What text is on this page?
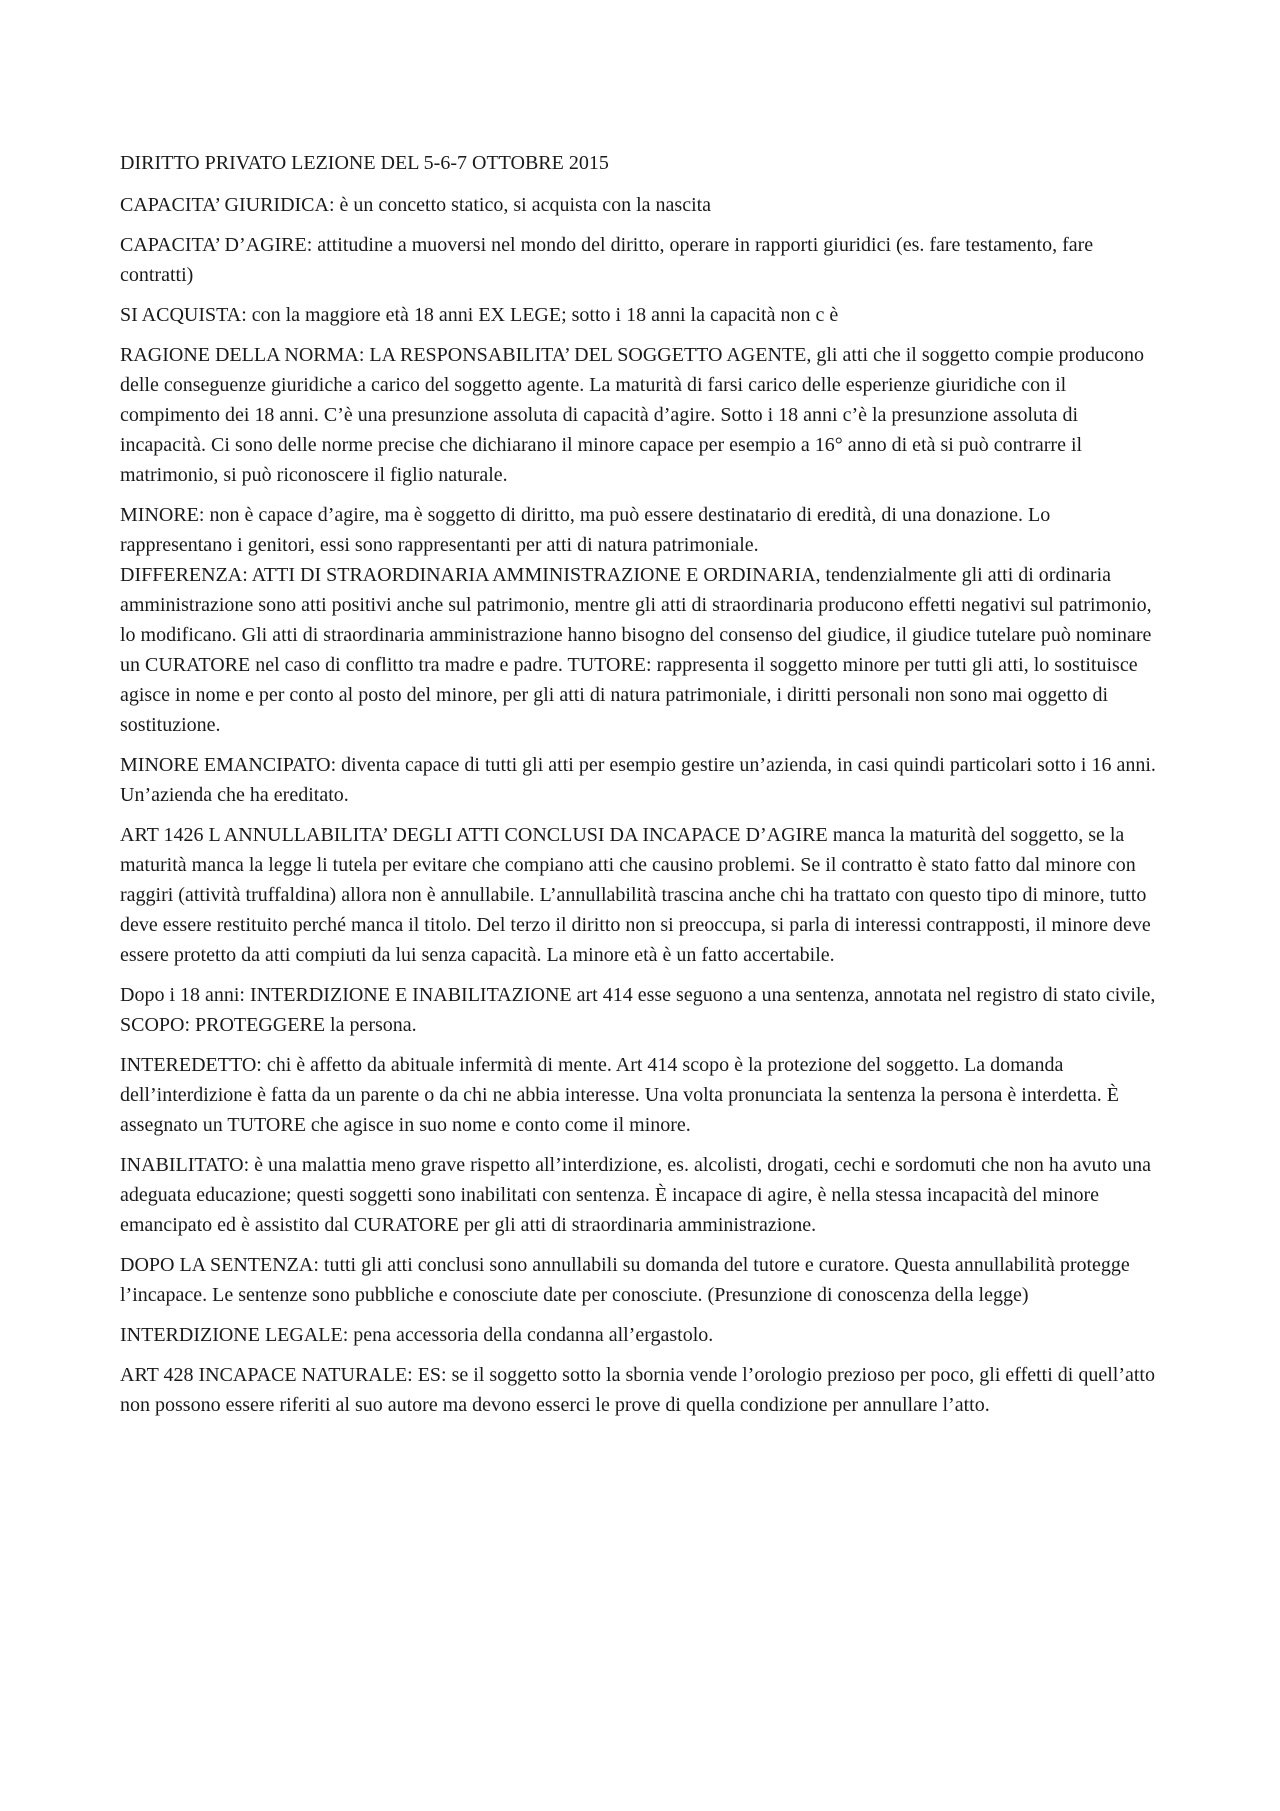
DIRITTO PRIVATO LEZIONE DEL 5-6-7 OTTOBRE 2015

CAPACITA’ GIURIDICA: è un concetto statico, si acquista con la nascita

CAPACITA’ D’AGIRE: attitudine a muoversi nel mondo del diritto, operare in rapporti giuridici (es. fare testamento, fare contratti)

SI ACQUISTA: con la maggiore età 18 anni EX LEGE; sotto i 18 anni la capacità non c è

RAGIONE DELLA NORMA: LA RESPONSABILITA’ DEL SOGGETTO AGENTE, gli atti che il soggetto compie producono delle conseguenze giuridiche a carico del soggetto agente. La maturità di farsi carico delle esperienze giuridiche con il compimento dei 18 anni. C’è una presunzione assoluta di capacità d’agire. Sotto i 18 anni c’è la presunzione assoluta di incapacità. Ci sono delle norme precise che dichiarano il minore capace per esempio a 16° anno di età si può contrarre il matrimonio, si può riconoscere il figlio naturale.

MINORE: non è capace d’agire, ma è soggetto di diritto, ma può essere destinatario di eredità, di una donazione. Lo rappresentano i genitori, essi sono rappresentanti per atti di natura patrimoniale.

DIFFERENZA: ATTI DI STRAORDINARIA AMMINISTRAZIONE E ORDINARIA, tendenzialmente gli atti di ordinaria amministrazione sono atti positivi anche sul patrimonio, mentre gli atti di straordinaria producono effetti negativi sul patrimonio, lo modificano. Gli atti di straordinaria amministrazione hanno bisogno del consenso del giudice, il giudice tutelare può nominare un CURATORE nel caso di conflitto tra madre e padre. TUTORE: rappresenta il soggetto minore per tutti gli atti, lo sostituisce agisce in nome e per conto al posto del minore, per gli atti di natura patrimoniale, i diritti personali non sono mai oggetto di sostituzione.

MINORE EMANCIPATO: diventa capace di tutti gli atti per esempio gestire un’azienda, in casi quindi particolari sotto i 16 anni. Un’azienda che ha ereditato.

ART 1426 L ANNULLABILITA’ DEGLI ATTI CONCLUSI DA INCAPACE D’AGIRE manca la maturità del soggetto, se la maturità manca la legge li tutela per evitare che compiano atti che causino problemi. Se il contratto è stato fatto dal minore con raggiri (attività truffaldina) allora non è annullabile. L’annullabilità trascina anche chi ha trattato con questo tipo di minore, tutto deve essere restituito perché manca il titolo. Del terzo il diritto non si preoccupa, si parla di interessi contrapposti, il minore deve essere protetto da atti compiuti da lui senza capacità. La minore età è un fatto accertabile.

Dopo i 18 anni: INTERDIZIONE E INABILITAZIONE art 414 esse seguono a una sentenza, annotata nel registro di stato civile, SCOPO: PROTEGGERE la persona.

INTEREDETTO: chi è affetto da abituale infermità di mente. Art 414 scopo è la protezione del soggetto. La domanda dell’interdizione è fatta da un parente o da chi ne abbia interesse. Una volta pronunciata la sentenza la persona è interdetta. È assegnato un TUTORE che agisce in suo nome e conto come il minore.

INABILITATO: è una malattia meno grave rispetto all’interdizione, es. alcolisti, drogati, cechi e sordomuti che non ha avuto una adeguata educazione; questi soggetti sono inabilitati con sentenza. È incapace di agire, è nella stessa incapacità del minore emancipato ed è assistito dal CURATORE per gli atti di straordinaria amministrazione.

DOPO LA SENTENZA: tutti gli atti conclusi sono annullabili su domanda del tutore e curatore. Questa annullabilità protegge l’incapace. Le sentenze sono pubbliche e conosciute date per conosciute. (Presunzione di conoscenza della legge)

INTERDIZIONE LEGALE: pena accessoria della condanna all’ergastolo.

ART 428 INCAPACE NATURALE: ES: se il soggetto sotto la sbornia vende l’orologio prezioso per poco, gli effetti di quell’atto non possono essere riferiti al suo autore ma devono esserci le prove di quella condizione per annullare l’atto.
